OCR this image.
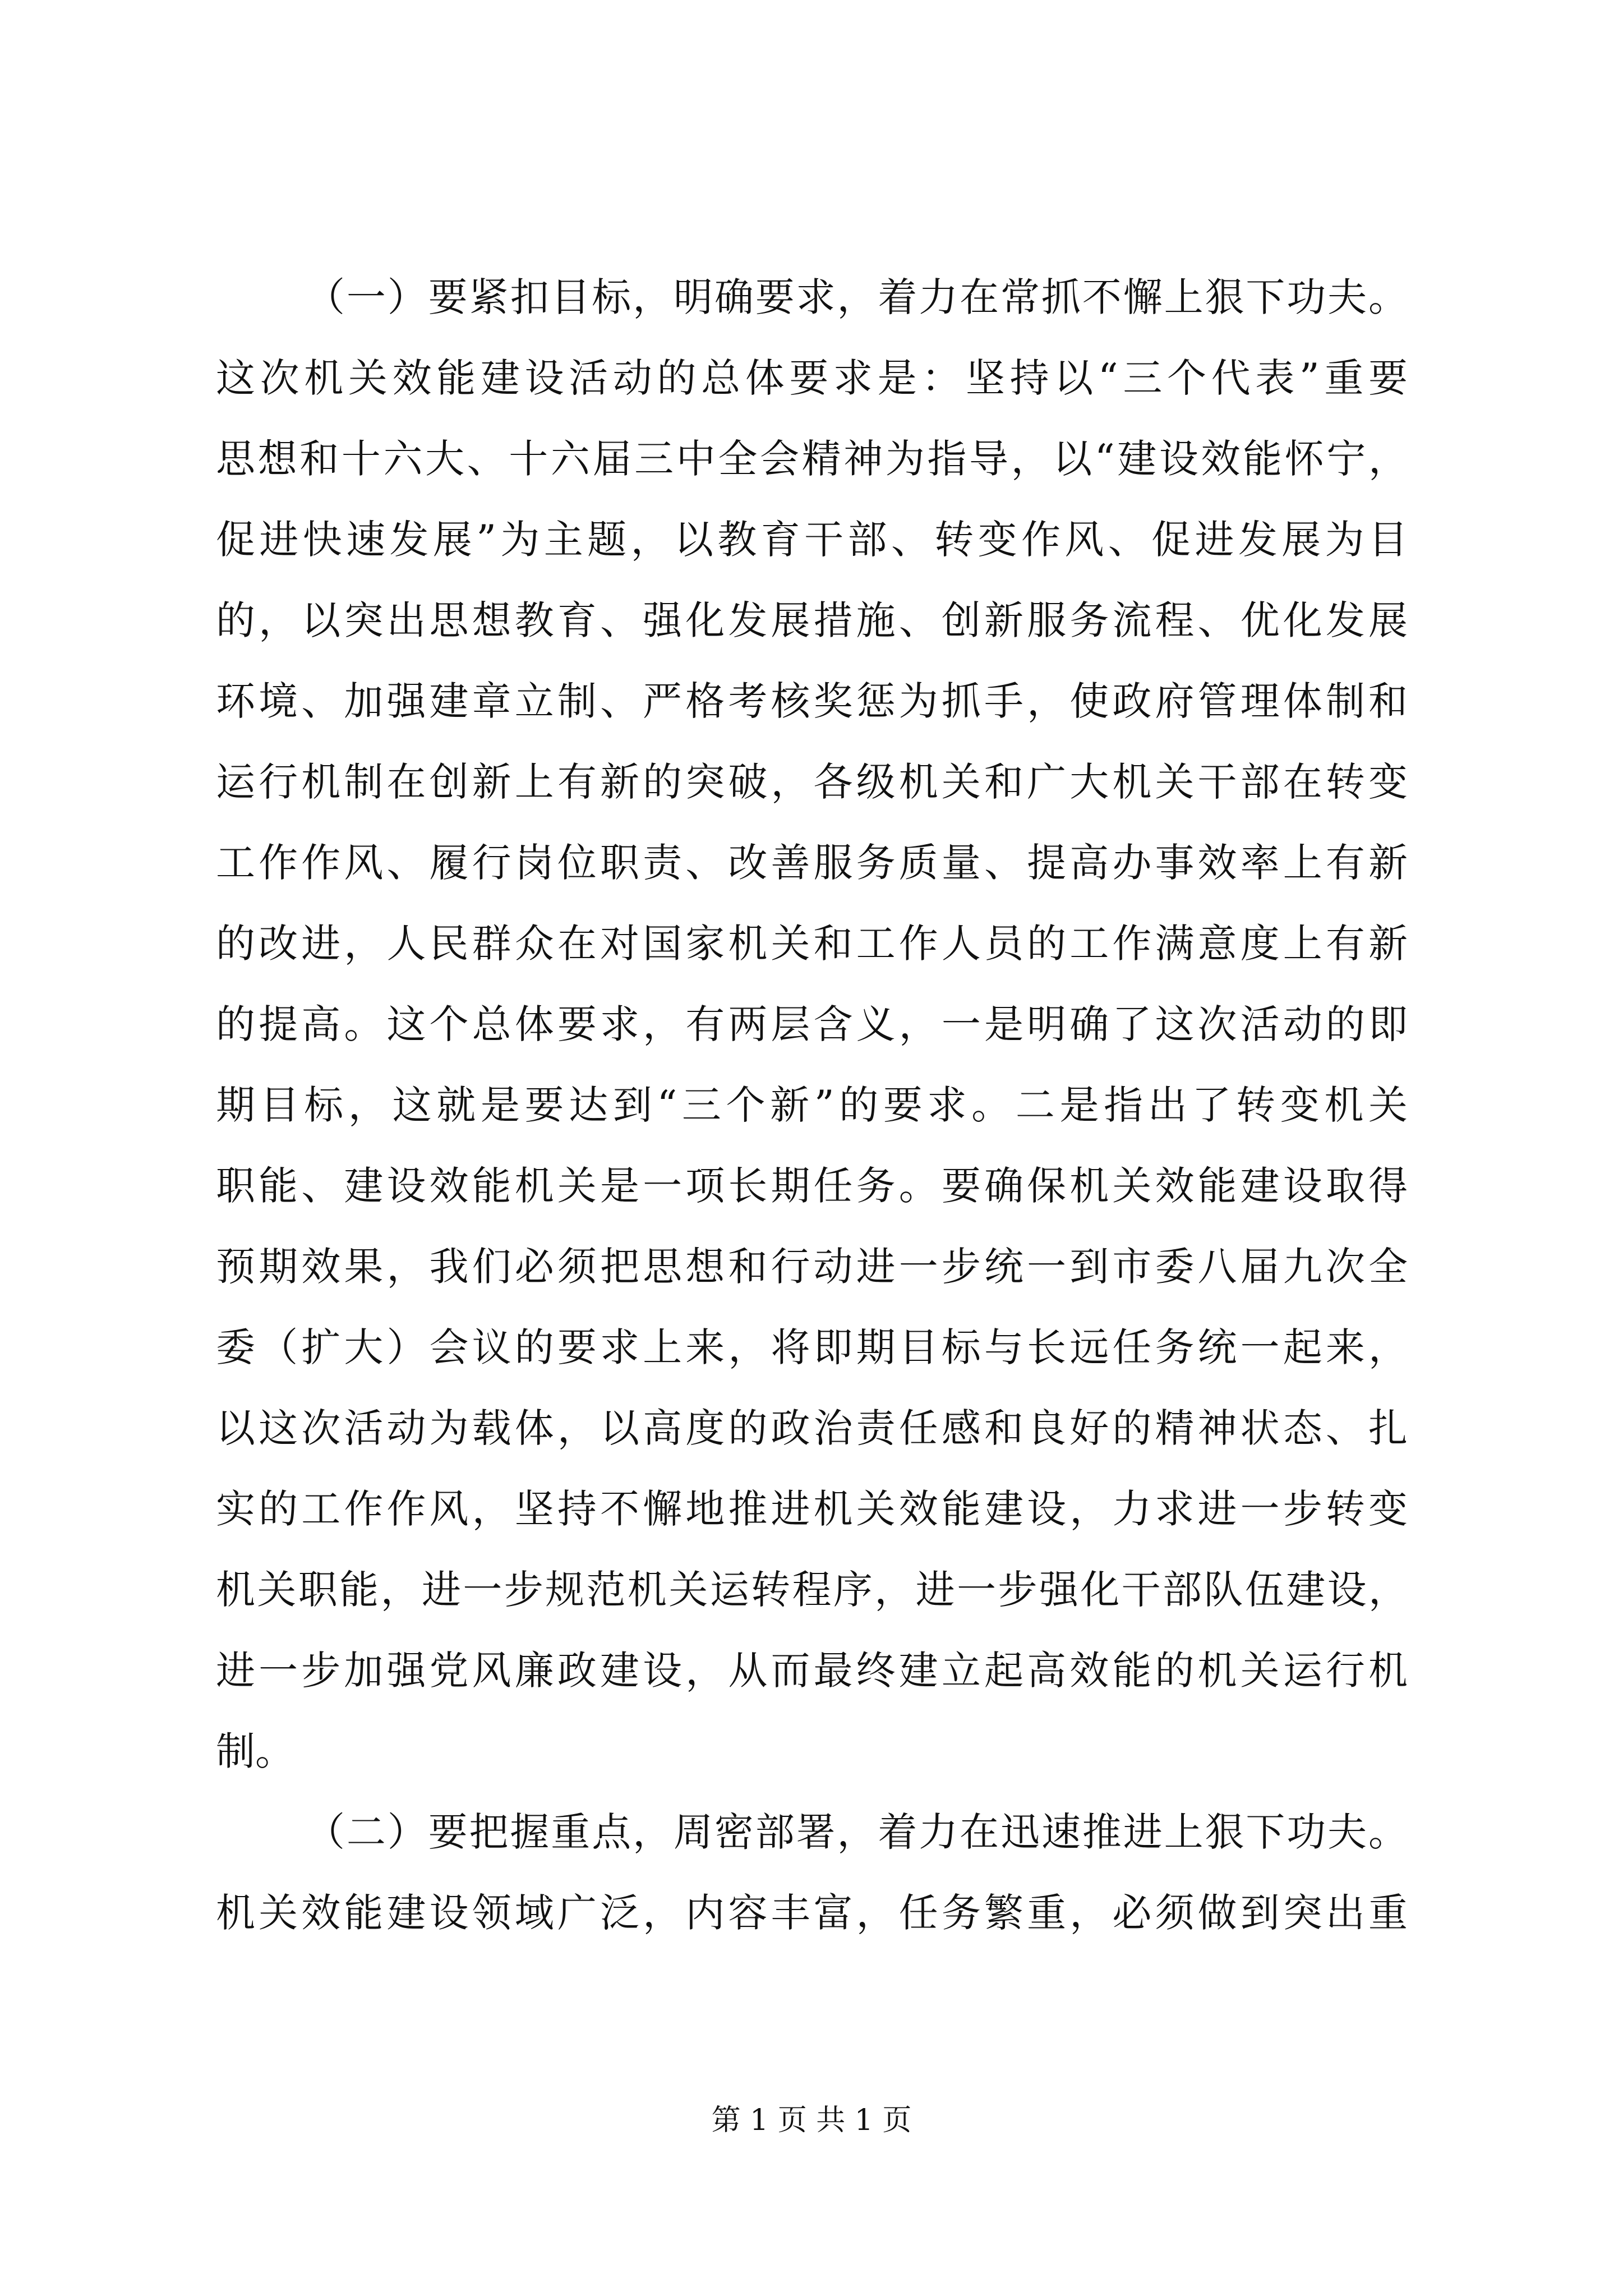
（一）要紧扣目标，明确要求，着力在常抓不懈上狠下功夫。
这次机关效能建设活动的总体要求是：坚持以“三个代表”重要
思想和十六大、十六届三中全会精神为指导，以“建设效能怀宁，
促进快速发展”为主题，以教育干部、转变作风、促进发展为目
的，以突出思想教育、强化发展措施、创新服务流程、优化发展
环境、加强建章立制、严格考核奖惩为抓手，使政府管理体制和
运行机制在创新上有新的突破，各级机关和广大机关干部在转变
工作作风、履行岗位职责、改善服务质量、提高办事效率上有新
的改进，人民群众在对国家机关和工作人员的工作满意度上有新
的提高。这个总体要求，有两层含义，一是明确了这次活动的即
期目标，这就是要达到“三个新”的要求。二是指出了转变机关
职能、建设效能机关是一项长期任务。要确保机关效能建设取得
预期效果，我们必须把思想和行动进一步统一到市委八届九次全
委（扩大）会议的要求上来，将即期目标与长远任务统一起来，
以这次活动为载体，以高度的政治责任感和良好的精神状态、扎
实的工作作风，坚持不懈地推进机关效能建设，力求进一步转变
机关职能，进一步规范机关运转程序，进一步强化干部队伍建设，
进一步加强党风廉政建设，从而最终建立起高效能的机关运行机
制。
（二）要把握重点，周密部署，着力在迅速推进上狠下功夫。
机关效能建设领域广泛，内容丰富，任务繁重，必须做到突出重
第 1 页 共 1 页
